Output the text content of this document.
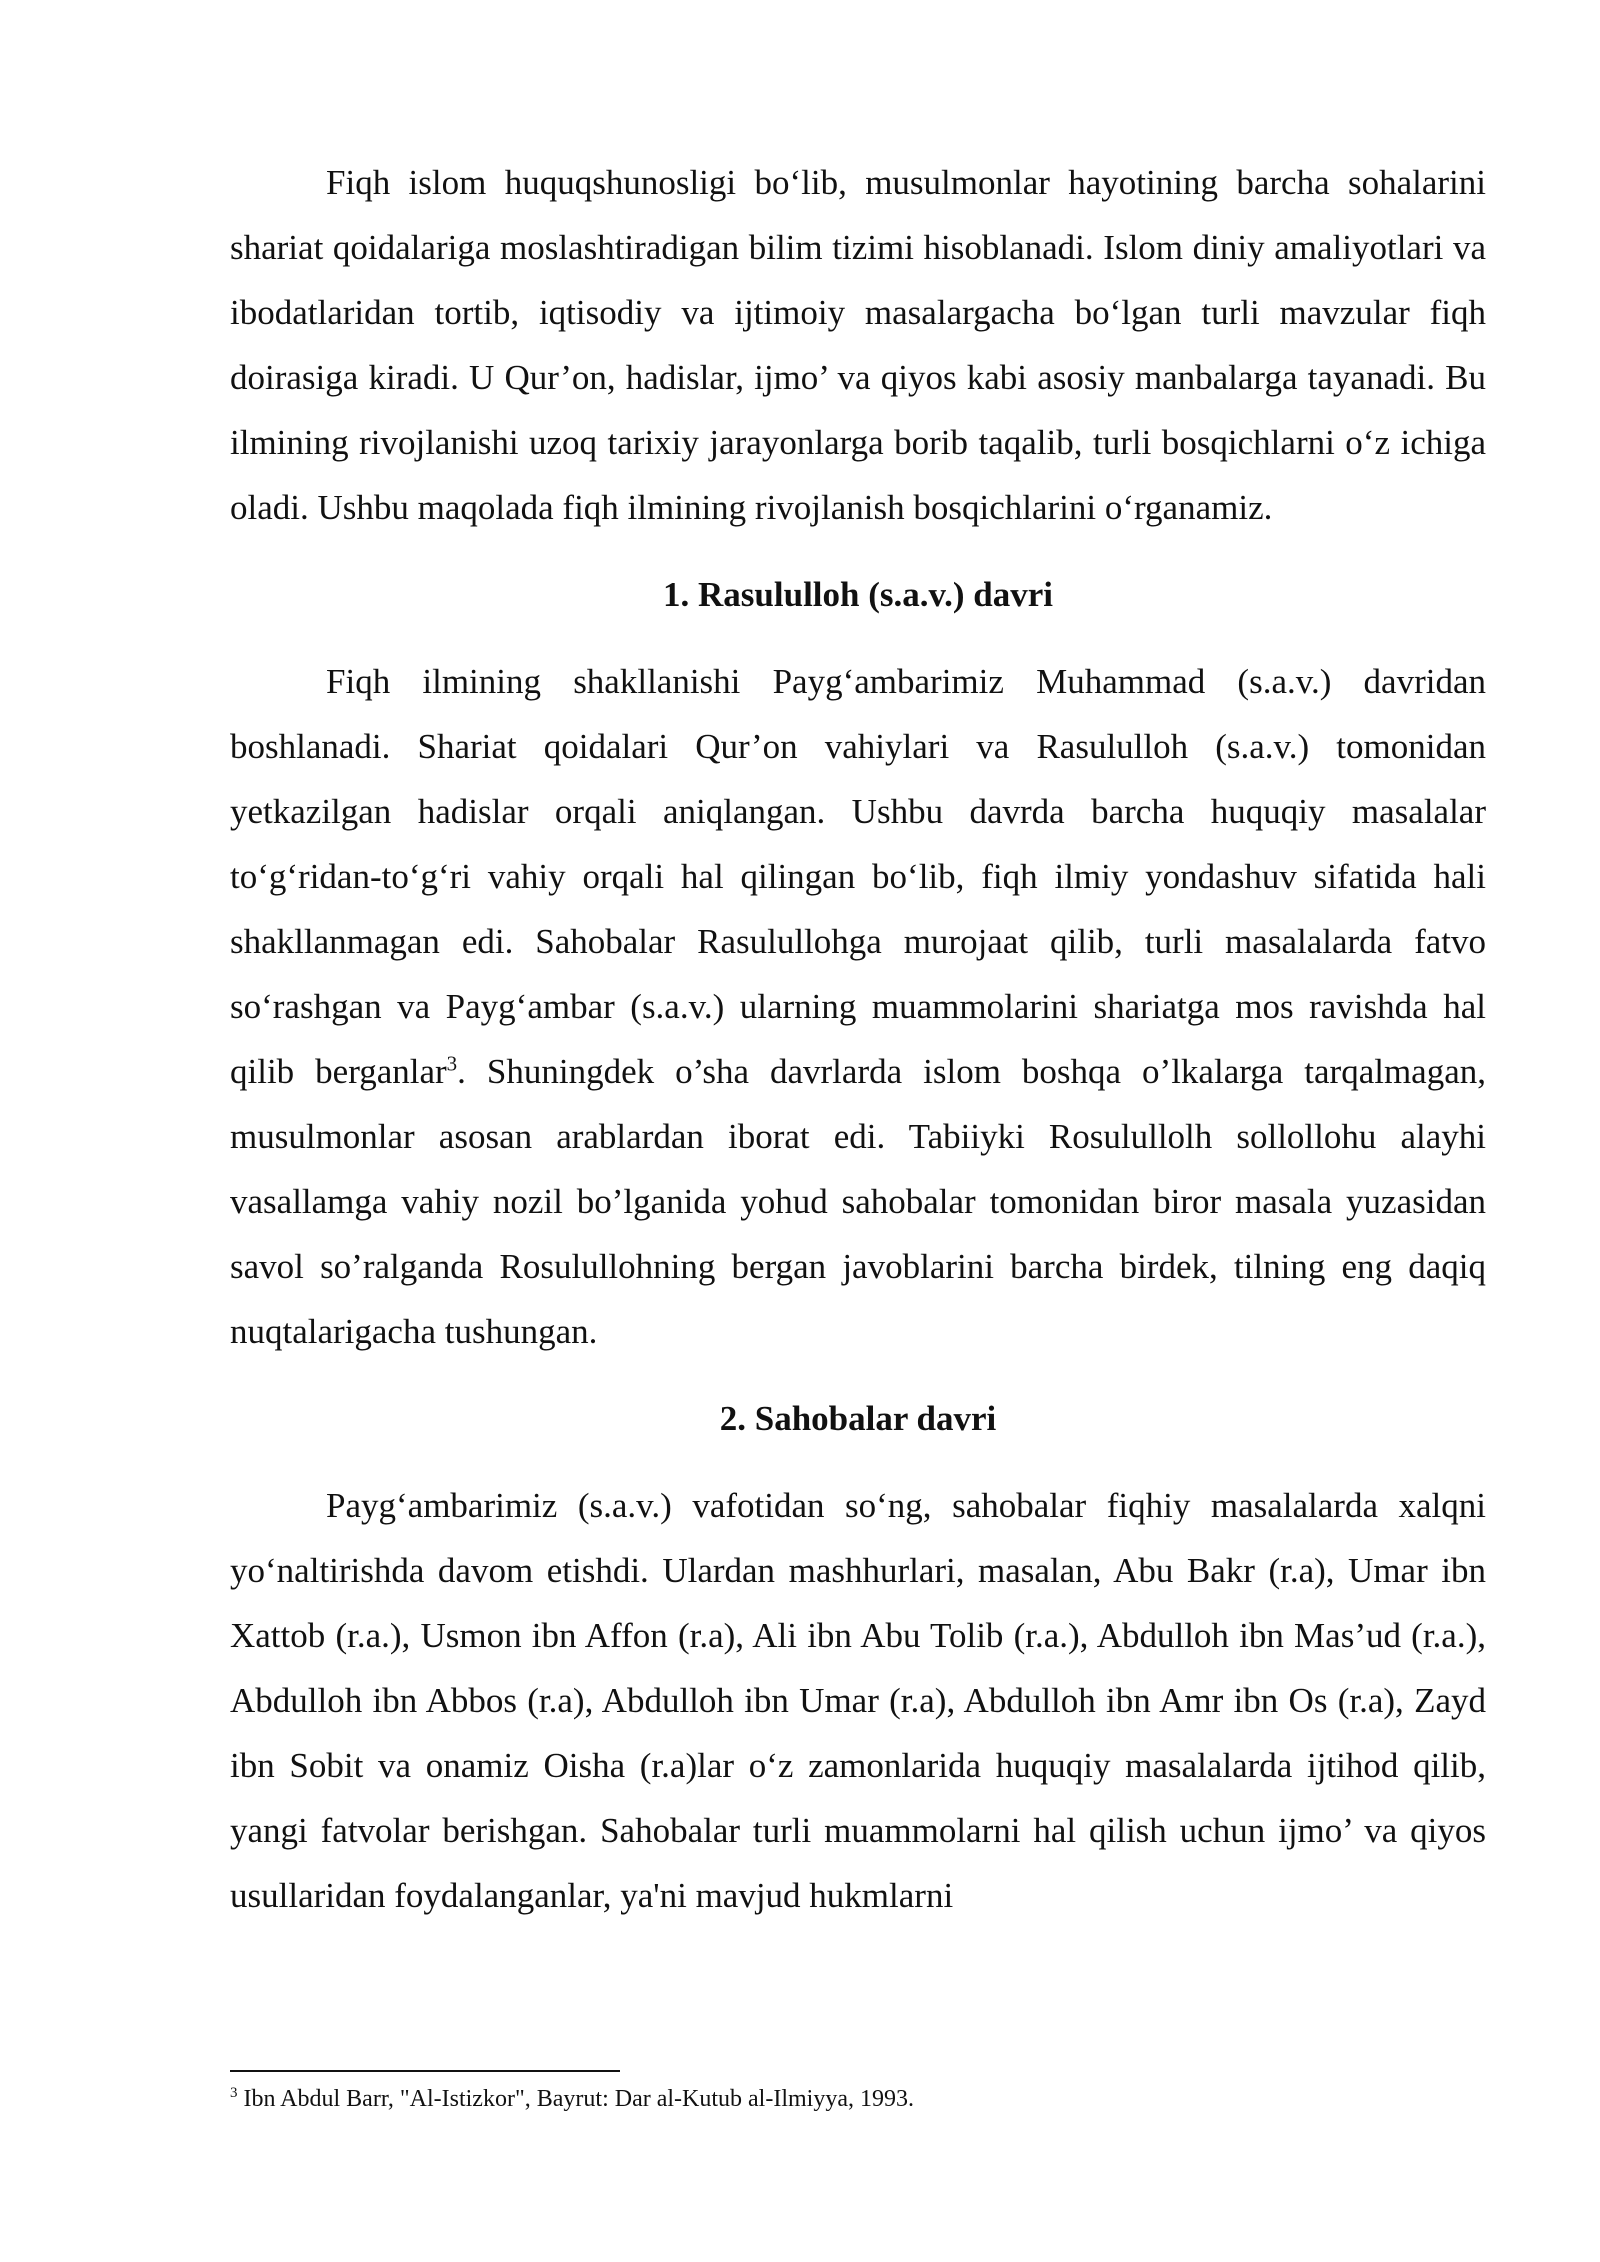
Fiqh islom huquqshunosligi bo‘lib, musulmonlar hayotining barcha sohalarini shariat qoidalariga moslashtiradigan bilim tizimi hisoblanadi. Islom diniy amaliyotlari va ibodatlaridan tortib, iqtisodiy va ijtimoiy masalargacha bo‘lgan turli mavzular fiqh doirasiga kiradi. U Qur’on, hadislar, ijmo’ va qiyos kabi asosiy manbalarga tayanadi. Bu ilmining rivojlanishi uzoq tarixiy jarayonlarga borib taqalib, turli bosqichlarni o‘z ichiga oladi. Ushbu maqolada fiqh ilmining rivojlanish bosqichlarini o‘rganamiz.

1. Rasululloh (s.a.v.) davri

Fiqh ilmining shakllanishi Payg‘ambarimiz Muhammad (s.a.v.) davridan boshlanadi. Shariat qoidalari Qur’on vahiylari va Rasululloh (s.a.v.) tomonidan yetkazilgan hadislar orqali aniqlangan. Ushbu davrda barcha huquqiy masalalar to‘g‘ridan-to‘g‘ri vahiy orqali hal qilingan bo‘lib, fiqh ilmiy yondashuv sifatida hali shakllanmagan edi. Sahobalar Rasulullohga murojaat qilib, turli masalalarda fatvo so‘rashgan va Payg‘ambar (s.a.v.) ularning muammolarini shariatga mos ravishda hal qilib berganlar$^3$. Shuningdek o’sha davrlarda islom boshqa o’lkalarga tarqalmagan, musulmonlar asosan arablardan iborat edi. Tabiiyki Rosulullolh sollollohu alayhi vasallamga vahiy nozil bo’lganida yohud sahobalar tomonidan biror masala yuzasidan savol so’ralganda Rosulullohning bergan javoblarini barcha birdek, tilning eng daqiq nuqtalarigacha tushungan.

2. Sahobalar davri

Payg‘ambarimiz (s.a.v.) vafotidan so‘ng, sahobalar fiqhiy masalalarda xalqni yo‘naltirishda davom etishdi. Ulardan mashhurlari, masalan, Abu Bakr (r.a), Umar ibn Xattob (r.a.), Usmon ibn Affon (r.a), Ali ibn Abu Tolib (r.a.), Abdulloh ibn Mas’ud (r.a.), Abdulloh ibn Abbos (r.a), Abdulloh ibn Umar (r.a), Abdulloh ibn Amr ibn Os (r.a), Zayd ibn Sobit va onamiz Oisha (r.a)lar o‘z zamonlarida huquqiy masalalarda ijtihod qilib, yangi fatvolar berishgan. Sahobalar turli muammolarni hal qilish uchun ijmo’ va qiyos usullaridan foydalanganlar, ya'ni mavjud hukmlarni

$^3$ Ibn Abdul Barr, "Al-Istizkor", Bayrut: Dar al-Kutub al-Ilmiyya, 1993.
